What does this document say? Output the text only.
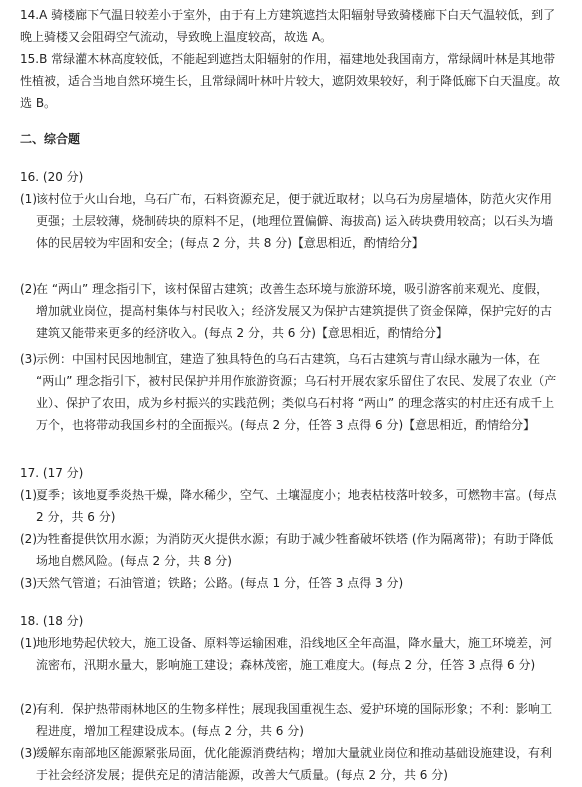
14.A 骑楼廊下气温日较差小于室外，由于有上方建筑遮挡太阳辐射导致骑楼廊下白天气温较低，到了晚上骑楼又会阻碍空气流动，导致晚上温度较高，故选 A。

15.B 常绿灌木林高度较低，不能起到遮挡太阳辐射的作用，福建地处我国南方，常绿阔叶林是其地带性植被，适合当地自然环境生长，且常绿阔叶林叶片较大，遮阴效果较好，利于降低廊下白天温度。故选 B。

二、综合题

16. (20 分)

(1) 该村位于火山台地，乌石广布，石料资源充足，便于就近取材；以乌石为房屋墙体，防范火灾作用更强；土层较薄，烧制砖块的原料不足，(地理位置偏僻、海拔高) 运入砖块费用较高；以石头为墙体的民居较为牢固和安全；(每点 2 分，共 8 分)【意思相近，酌情给分】

(2) 在 “两山” 理念指引下，该村保留古建筑；改善生态环境与旅游环境，吸引游客前来观光、度假，增加就业岗位，提高村集体与村民收入；经济发展又为保护古建筑提供了资金保障，保护完好的古建筑又能带来更多的经济收入。(每点 2 分，共 6 分)【意思相近，酌情给分】

(3) 示例：中国村民因地制宜，建造了独具特色的乌石古建筑，乌石古建筑与青山绿水融为一体，在 “两山” 理念指引下，被村民保护并用作旅游资源；乌石村开展农家乐留住了农民、发展了农业（产业）、保护了农田，成为乡村振兴的实践范例；类似乌石村将 “两山” 的理念落实的村庄还有成千上万个，也将带动我国乡村的全面振兴。(每点 2 分，任答 3 点得 6 分)【意思相近，酌情给分】

17. (17 分)

(1) 夏季；该地夏季炎热干燥，降水稀少，空气、土壤湿度小；地表枯枝落叶较多，可燃物丰富。(每点 2 分，共 6 分)

(2) 为牲畜提供饮用水源；为消防灭火提供水源；有助于减少牲畜破坏铁塔 (作为隔离带)；有助于降低场地自燃风险。(每点 2 分，共 8 分)

(3) 天然气管道；石油管道；铁路；公路。(每点 1 分，任答 3 点得 3 分)

18. (18 分)

(1) 地形地势起伏较大，施工设备、原料等运输困难，沿线地区全年高温，降水量大，施工环境差，河流密布，汛期水量大，影响施工建设；森林茂密，施工难度大。(每点 2 分，任答 3 点得 6 分)

(2) 有利．保护热带雨林地区的生物多样性；展现我国重视生态、爱护环境的国际形象；不利：影响工程进度，增加工程建设成本。(每点 2 分，共 6 分)

(3) 缓解东南部地区能源紧张局面，优化能源消费结构；增加大量就业岗位和推动基础设施建设，有利于社会经济发展；提供充足的清洁能源，改善大气质量。(每点 2 分，共 6 分)
